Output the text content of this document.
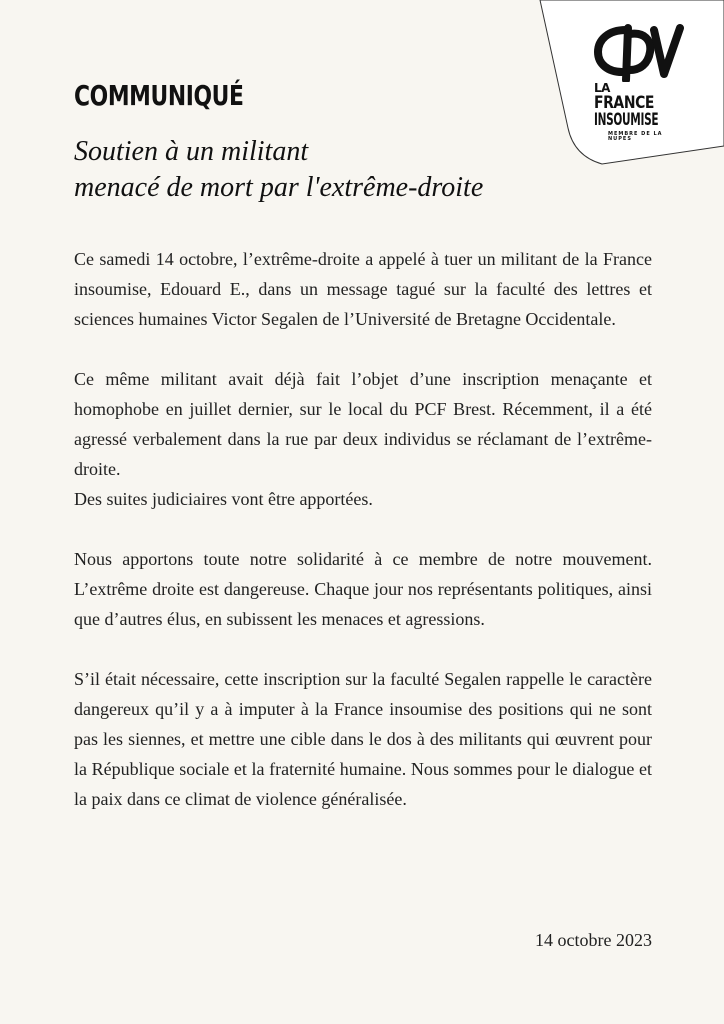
LA
FRANCE
INSOUMISE
MEMBRE DE LA NUPES
COMMUNIQUÉ
Soutien à un militant
menacé de mort par l'extrême-droite

Ce samedi 14 octobre, l’extrême-droite a appelé à tuer un militant de la France insoumise, Edouard E., dans un message tagué sur la faculté des lettres et sciences humaines Victor Segalen de l’Université de Bretagne Occidentale.

Ce même militant avait déjà fait l’objet d’une inscription menaçante et homophobe en juillet dernier, sur le local du PCF Brest. Récemment, il a été agressé verbalement dans la rue par deux individus se réclamant de l’extrême-droite.
Des suites judiciaires vont être apportées.

Nous apportons toute notre solidarité à ce membre de notre mouvement. L’extrême droite est dangereuse. Chaque jour nos représentants politiques, ainsi que d’autres élus, en subissent les menaces et agressions.

S’il était nécessaire, cette inscription sur la faculté Segalen rappelle le caractère dangereux qu’il y a à imputer à la France insoumise des positions qui ne sont pas les siennes, et mettre une cible dans le dos à des militants qui œuvrent pour la République sociale et la fraternité humaine. Nous sommes pour le dialogue et la paix dans ce climat de violence généralisée.

14 octobre 2023
